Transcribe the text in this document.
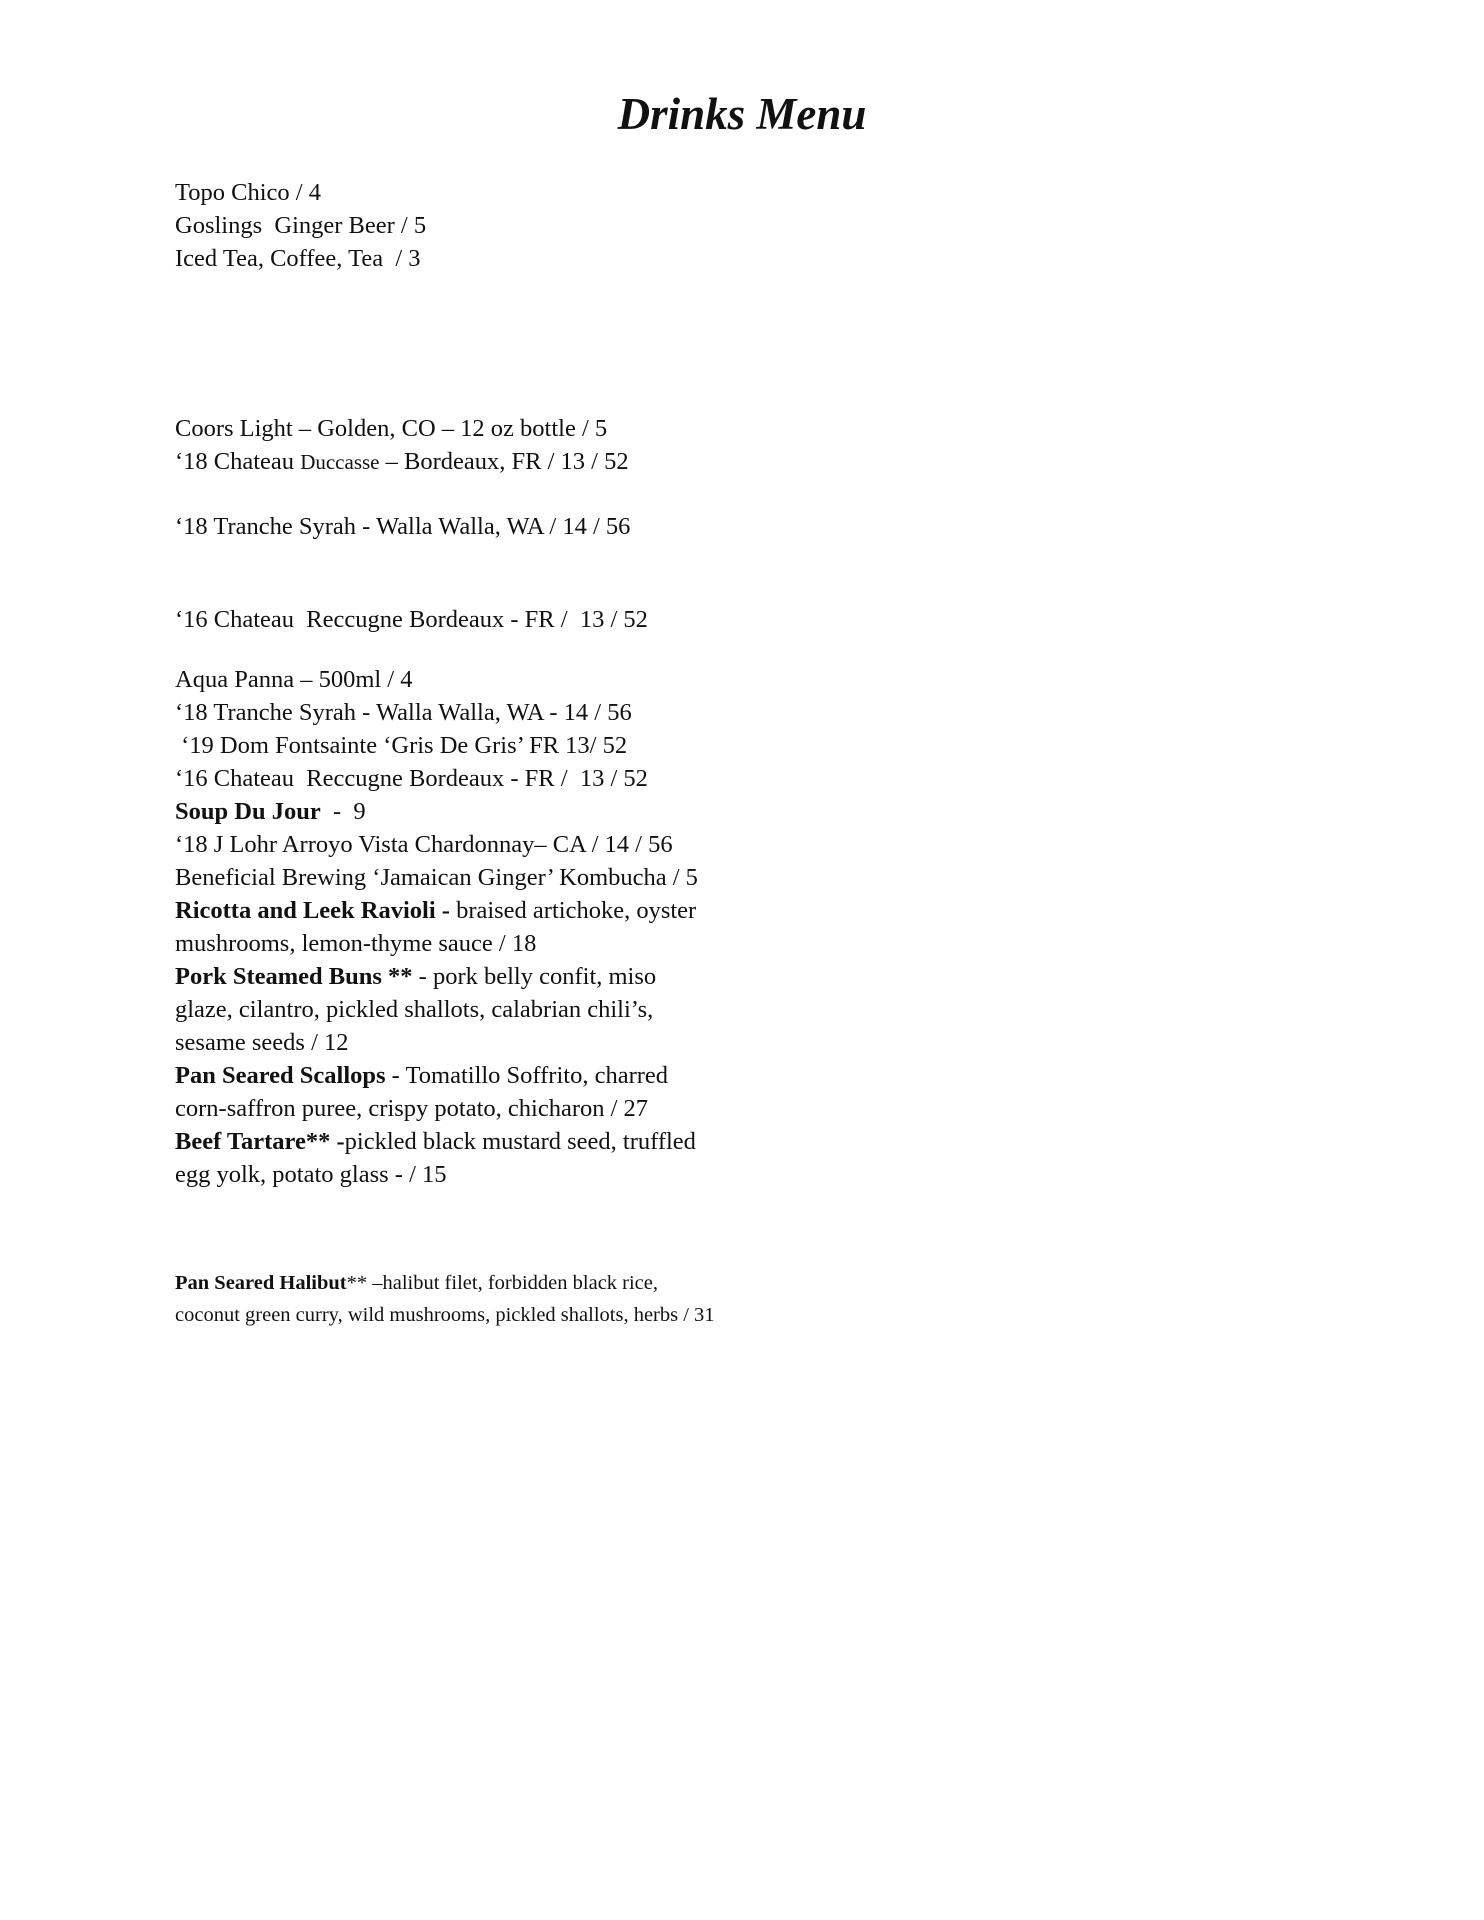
Drinks Menu
Topo Chico / 4
Goslings  Ginger Beer / 5
Iced Tea, Coffee, Tea  / 3
Coors Light – Golden, CO – 12 oz bottle / 5
‘18 Chateau Duccasse – Bordeaux, FR / 13 / 52
‘18 Tranche Syrah - Walla Walla, WA / 14 / 56
‘16 Chateau  Reccugne Bordeaux - FR /  13 / 52
Aqua Panna – 500ml / 4
‘18 Tranche Syrah - Walla Walla, WA - 14 / 56
‘19 Dom Fontsainte ‘Gris De Gris’ FR 13/ 52
‘16 Chateau  Reccugne Bordeaux - FR /  13 / 52
Soup Du Jour  -  9
‘18 J Lohr Arroyo Vista Chardonnay– CA / 14 / 56
Beneficial Brewing ‘Jamaican Ginger’ Kombucha / 5
Ricotta and Leek Ravioli - braised artichoke, oyster mushrooms, lemon-thyme sauce / 18
Pork Steamed Buns ** - pork belly confit, miso glaze, cilantro, pickled shallots, calabrian chili’s, sesame seeds / 12
Pan Seared Scallops - Tomatillo Soffrito, charred corn-saffron puree, crispy potato, chicharon / 27
Beef Tartare** -pickled black mustard seed, truffled egg yolk, potato glass - / 15
Pan Seared Halibut** –halibut filet, forbidden black rice, coconut green curry, wild mushrooms, pickled shallots, herbs / 31
